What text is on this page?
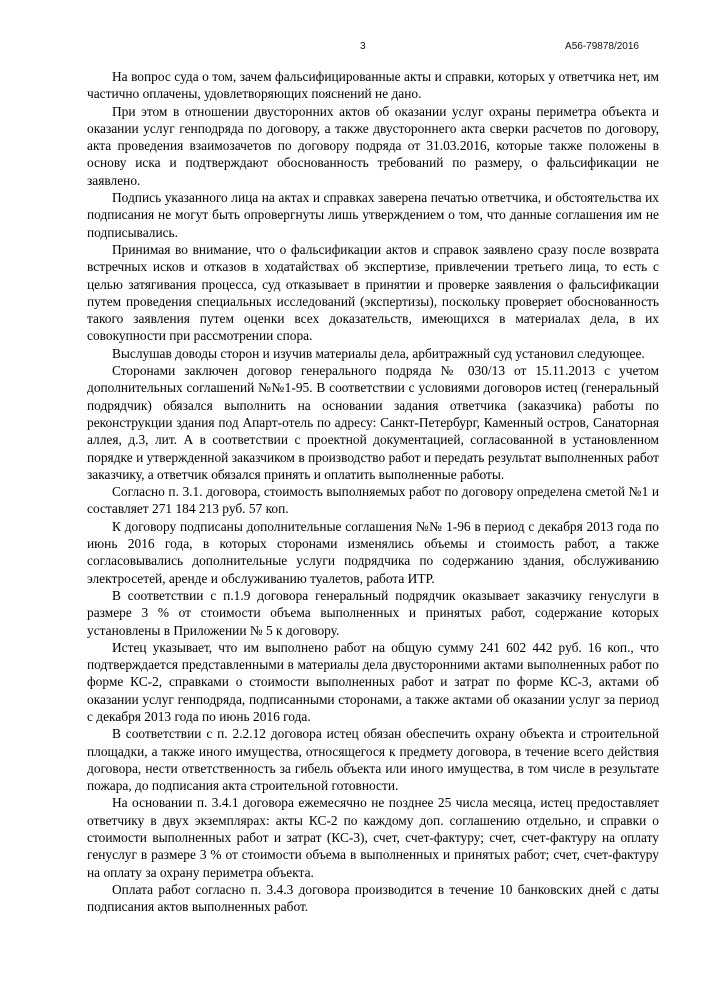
3	А56-79878/2016

На вопрос суда о том, зачем фальсифицированные акты и справки, которых у ответчика нет, им частично оплачены, удовлетворяющих пояснений не дано.

При этом в отношении двусторонних актов об оказании услуг охраны периметра объекта и оказании услуг генподряда по договору, а также двустороннего акта сверки расчетов по договору, акта проведения взаимозачетов по договору подряда от 31.03.2016, которые также положены в основу иска и подтверждают обоснованность требований по размеру, о фальсификации не заявлено.

Подпись указанного лица на актах и справках заверена печатью ответчика, и обстоятельства их подписания не могут быть опровергнуты лишь утверждением о том, что данные соглашения им не подписывались.

Принимая во внимание, что о фальсификации актов и справок заявлено сразу после возврата встречных исков и отказов в ходатайствах об экспертизе, привлечении третьего лица, то есть с целью затягивания процесса, суд отказывает в принятии и проверке заявления о фальсификации путем проведения специальных исследований (экспертизы), поскольку проверяет обоснованность такого заявления путем оценки всех доказательств, имеющихся в материалах дела, в их совокупности при рассмотрении спора.

Выслушав доводы сторон и изучив материалы дела, арбитражный суд установил следующее.

Сторонами заключен договор генерального подряда № 030/13 от 15.11.2013 с учетом дополнительных соглашений №№1-95. В соответствии с условиями договоров истец (генеральный подрядчик) обязался выполнить на основании задания ответчика (заказчика) работы по реконструкции здания под Апарт-отель по адресу: Санкт-Петербург, Каменный остров, Санаторная аллея, д.3, лит. А в соответствии с проектной документацией, согласованной в установленном порядке и утвержденной заказчиком в производство работ и передать результат выполненных работ заказчику, а ответчик обязался принять и оплатить выполненные работы.

Согласно п. 3.1. договора, стоимость выполняемых работ по договору определена сметой №1 и составляет 271 184 213 руб. 57 коп.

К договору подписаны дополнительные соглашения №№ 1-96 в период с декабря 2013 года по июнь 2016 года, в которых сторонами изменялись объемы и стоимость работ, а также согласовывались дополнительные услуги подрядчика по содержанию здания, обслуживанию электросетей, аренде и обслуживанию туалетов, работа ИТР.

В соответствии с п.1.9 договора генеральный подрядчик оказывает заказчику генуслуги в размере 3 % от стоимости объема выполненных и принятых работ, содержание которых установлены в Приложении № 5 к договору.

Истец указывает, что им выполнено работ на общую сумму 241 602 442 руб. 16 коп., что подтверждается представленными в материалы дела двусторонними актами выполненных работ по форме КС-2, справками о стоимости выполненных работ и затрат по форме КС-3, актами об оказании услуг генподряда, подписанными сторонами, а также актами об оказании услуг за период с декабря 2013 года по июнь 2016 года.

В соответствии с п. 2.2.12 договора истец обязан обеспечить охрану объекта и строительной площадки, а также иного имущества, относящегося к предмету договора, в течение всего действия договора, нести ответственность за гибель объекта или иного имущества, в том числе в результате пожара, до подписания акта строительной готовности.

На основании п. 3.4.1 договора ежемесячно не позднее 25 числа месяца, истец предоставляет ответчику в двух экземплярах: акты КС-2 по каждому доп. соглашению отдельно, и справки о стоимости выполненных работ и затрат (КС-3), счет, счет-фактуру; счет, счет-фактуру на оплату генуслуг в размере 3 % от стоимости объема в выполненных и принятых работ; счет, счет-фактуру на оплату за охрану периметра объекта.

Оплата работ согласно п. 3.4.3 договора производится в течение 10 банковских дней с даты подписания актов выполненных работ.
